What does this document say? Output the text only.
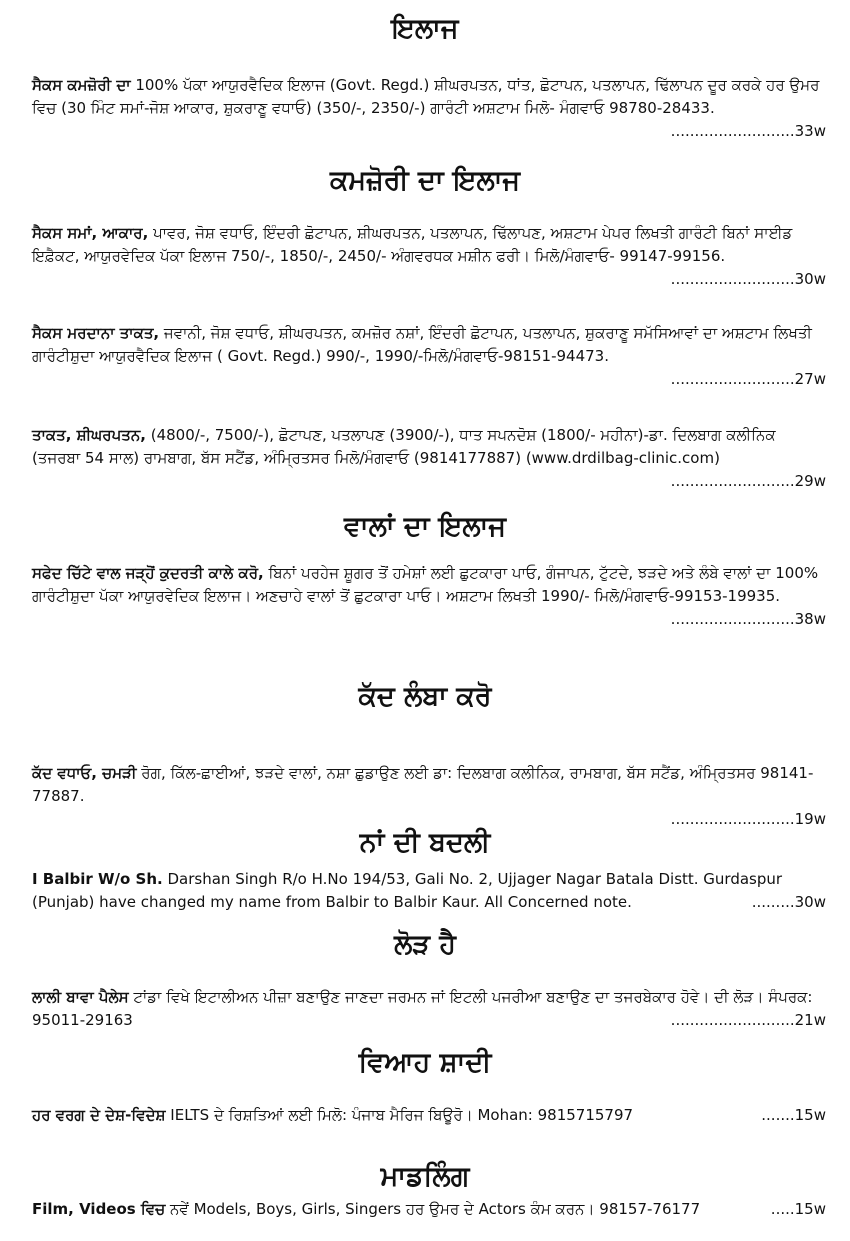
ਇਲਾਜ

ਸੈਕਸ ਕਮਜ਼ੋਰੀ ਦਾ 100% ਪੱਕਾ ਆਯੁਰਵੈਦਿਕ ਇਲਾਜ (Govt. Regd.) ਸ਼ੀਘਰਪਤਨ, ਧਾਂਤ, ਛੋਟਾਪਨ, ਪਤਲਾਪਨ, ਢਿੱਲਾਪਨ ਦੂਰ ਕਰਕੇ ਹਰ ਉਮਰ ਵਿਚ (30 ਮਿੰਟ ਸਮਾਂ-ਜੋਸ਼ ਆਕਾਰ, ਸ਼ੁਕਰਾਣੂ ਵਧਾਓ) (350/-, 2350/-) ਗਾਰੰਟੀ ਅਸ਼ਟਾਮ ਮਿਲੋ- ਮੰਗਵਾਓ 98780-28433.
..........................33w

ਕਮਜ਼ੋਰੀ ਦਾ ਇਲਾਜ

ਸੈਕਸ ਸਮਾਂ, ਆਕਾਰ, ਪਾਵਰ, ਜੋਸ਼ ਵਧਾਓ, ਇੰਦਰੀ ਛੋਟਾਪਨ, ਸ਼ੀਘਰਪਤਨ, ਪਤਲਾਪਨ, ਢਿੱਲਾਪਣ, ਅਸ਼ਟਾਮ ਪੇਪਰ ਲਿਖਤੀ ਗਾਰੰਟੀ ਬਿਨਾਂ ਸਾਈਡ ਇਫ਼ੈਕਟ, ਆਯੁਰਵੇਦਿਕ ਪੱਕਾ ਇਲਾਜ 750/-, 1850/-, 2450/- ਅੰਗਵਰਧਕ ਮਸ਼ੀਨ ਫਰੀ। ਮਿਲੋ/ਮੰਗਵਾਓ- 99147-99156.
..........................30w

ਸੈਕਸ ਮਰਦਾਨਾ ਤਾਕਤ, ਜਵਾਨੀ, ਜੋਸ਼ ਵਧਾਓ, ਸ਼ੀਘਰਪਤਨ, ਕਮਜ਼ੋਰ ਨਸ਼ਾਂ, ਇੰਦਰੀ ਛੋਟਾਪਨ, ਪਤਲਾਪਨ, ਸ਼ੁਕਰਾਣੂ ਸਮੱਸਿਆਵਾਂ ਦਾ ਅਸ਼ਟਾਮ ਲਿਖਤੀ ਗਾਰੰਟੀਸ਼ੁਦਾ ਆਯੁਰਵੈਦਿਕ ਇਲਾਜ ( Govt. Regd.) 990/-, 1990/-ਮਿਲੋ/ਮੰਗਵਾਓ-98151-94473.
..........................27w

ਤਾਕਤ, ਸ਼ੀਘਰਪਤਨ, (4800/-, 7500/-), ਛੋਟਾਪਣ, ਪਤਲਾਪਣ (3900/-), ਧਾਤ ਸਪਨਦੋਸ਼ (1800/- ਮਹੀਨਾ)-ਡਾ. ਦਿਲਬਾਗ ਕਲੀਨਿਕ (ਤਜਰਬਾ 54 ਸਾਲ) ਰਾਮਬਾਗ, ਬੱਸ ਸਟੈਂਡ, ਅੰਮ੍ਰਿਤਸਰ ਮਿਲੋ/ਮੰਗਵਾਓ (9814177887) (www.drdilbag-clinic.com)
..........................29w

ਵਾਲਾਂ ਦਾ ਇਲਾਜ

ਸਫੇਦ ਚਿੱਟੇ ਵਾਲ ਜੜ੍ਹੋਂ ਕੁਦਰਤੀ ਕਾਲੇ ਕਰੋ, ਬਿਨਾਂ ਪਰਹੇਜ ਸ਼ੂਗਰ ਤੋਂ ਹਮੇਸ਼ਾਂ ਲਈ ਛੁਟਕਾਰਾ ਪਾਓ, ਗੰਜਾਪਨ, ਟੁੱਟਦੇ, ਝੜਦੇ ਅਤੇ ਲੰਬੇ ਵਾਲਾਂ ਦਾ 100% ਗਾਰੰਟੀਸ਼ੁਦਾ ਪੱਕਾ ਆਯੁਰਵੇਦਿਕ ਇਲਾਜ। ਅਣਚਾਹੇ ਵਾਲਾਂ ਤੋਂ ਛੁਟਕਾਰਾ ਪਾਓ। ਅਸ਼ਟਾਮ ਲਿਖਤੀ 1990/- ਮਿਲੋ/ਮੰਗਵਾਓ-99153-19935.
..........................38w

ਕੱਦ ਲੰਬਾ ਕਰੋ

ਕੱਦ ਵਧਾਓ, ਚਮੜੀ ਰੋਗ, ਕਿੱਲ-ਛਾਈਆਂ, ਝੜਦੇ ਵਾਲਾਂ, ਨਸ਼ਾ ਛੁਡਾਉਣ ਲਈ ਡਾ: ਦਿਲਬਾਗ ਕਲੀਨਿਕ, ਰਾਮਬਾਗ, ਬੱਸ ਸਟੈਂਡ, ਅੰਮ੍ਰਿਤਸਰ 98141-77887.
..........................19w

ਨਾਂ ਦੀ ਬਦਲੀ

I Balbir W/o Sh. Darshan Singh R/o H.No 194/53, Gali No. 2, Ujjager Nagar Batala Distt. Gurdaspur (Punjab) have changed my name from Balbir to Balbir Kaur. All Concerned note.	.........30w

ਲੋੜ ਹੈ

ਲਾਲੀ ਬਾਵਾ ਪੈਲੇਸ ਟਾਂਡਾ ਵਿਖੇ ਇਟਾਲੀਅਨ ਪੀਜ਼ਾ ਬਣਾਉਣ ਜਾਣਦਾ ਜਰਮਨ ਜਾਂ ਇਟਲੀ ਪਜਰੀਆ ਬਣਾਉਣ ਦਾ ਤਜਰਬੇਕਾਰ ਹੋਵੇ। ਦੀ ਲੋੜ। ਸੰਪਰਕ: 95011-29163	..........................21w

ਵਿਆਹ ਸ਼ਾਦੀ

ਹਰ ਵਰਗ ਦੇ ਦੇਸ਼-ਵਿਦੇਸ਼ IELTS ਦੇ ਰਿਸ਼ਤਿਆਂ ਲਈ ਮਿਲੋ: ਪੰਜਾਬ ਮੈਰਿਜ ਬਿਊਰੋ। Mohan: 9815715797	.......15w

ਮਾਡਲਿੰਗ

Film, Videos ਵਿਚ ਨਵੇਂ Models, Boys, Girls, Singers ਹਰ ਉਮਰ ਦੇ Actors ਕੰਮ ਕਰਨ। 98157-76177	.....15w
